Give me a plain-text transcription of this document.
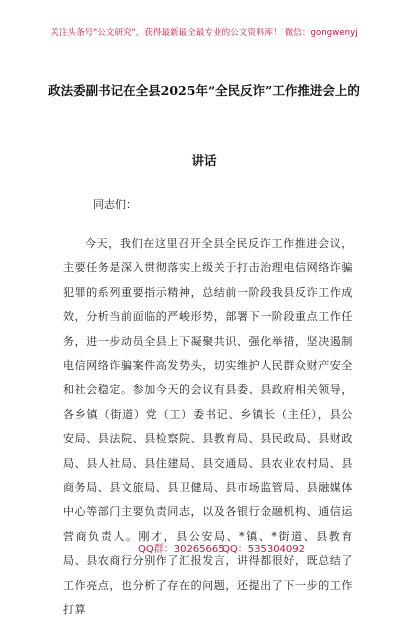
关注头条号"公文研究"，获得最新最全最专业的公文资料库！ 微信：gongwenyj
政法委副书记在全县2025年“全民反诈”工作推进会上的
讲话
同志们：

今天，我们在这里召开全县全民反诈工作推进会议，主要任务是深入贯彻落实上级关于打击治理电信网络诈骗犯罪的系列重要指示精神，总结前一阶段我县反诈工作成效，分析当前面临的严峻形势，部署下一阶段重点工作任务，进一步动员全县上下凝聚共识、强化举措，坚决遏制电信网络诈骗案件高发势头，切实维护人民群众财产安全和社会稳定。参加今天的会议有县委、县政府相关领导，各乡镇（街道）党（工）委书记、乡镇长（主任），县公安局、县法院、县检察院、县教育局、县民政局、县财政局、县人社局、县住建局、县交通局、县农业农村局、县商务局、县文旅局、县卫健局、县市场监管局、县融媒体中心等部门主要负责同志，以及各银行金融机构、通信运营商负责人。刚才，县公安局、*镇、*街道、县教育局、县农商行分别作了汇报发言，讲得都很好，既总结了工作亮点，也分析了存在的问题，还提出了下一步的工作打算

QQ群：30265665
QQ：535304092
